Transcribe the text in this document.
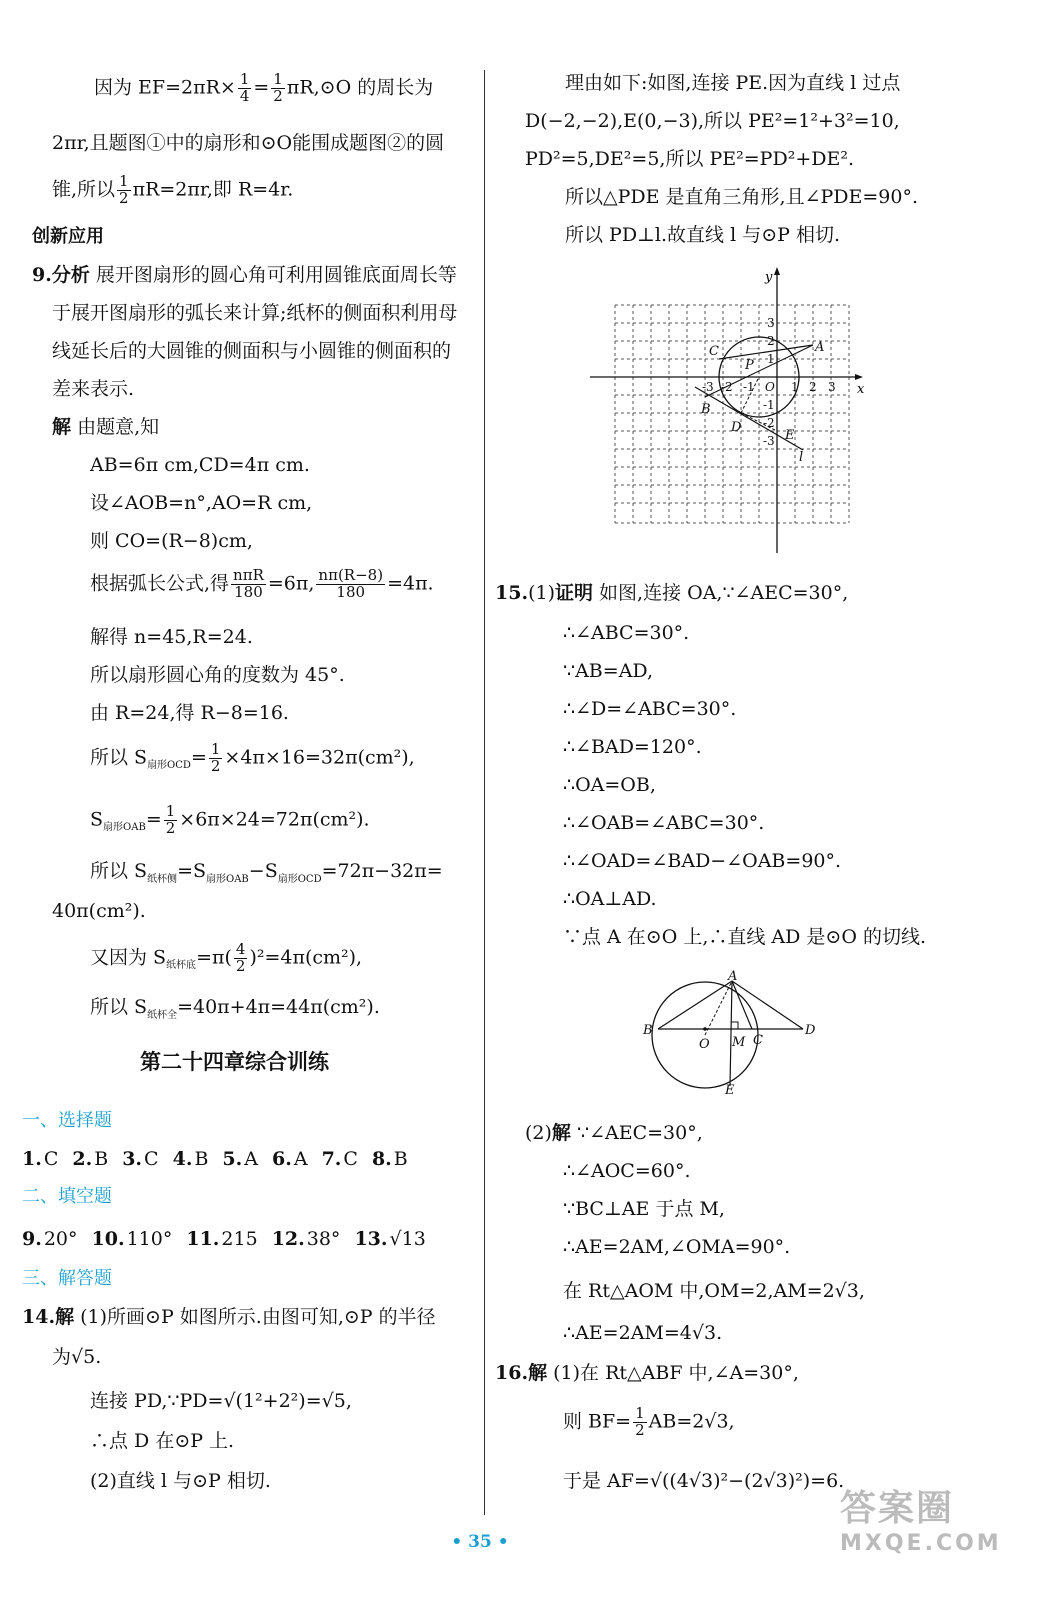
因为 $EF=2\pi R\times \frac{1}{4} = \frac{1}{2}$ πR,⊙O 的周长为
2πr,且题图①中的扇形和⊙O能围成题图②的圆
锥,所以 $\frac{1}{2} \pi R=2\pi r$,即 R=4r.
创新应用
9.分析 展开图扇形的圆心角可利用圆锥底面周长等
于展开图扇形的弧长来计算;纸杯的侧面积利用母
线延长后的大圆锥的侧面积与小圆锥的侧面积的
差来表示.
解 由题意,知
AB=6π cm,CD=4π cm.
设∠AOB=n°,AO=R cm,
则 CO=(R−8)cm,
根据弧长公式,得 $\frac{\text{nπR}}{180} =6\pi$, $\frac{n\pi(R-8)}{180} =4\pi$.
解得 n=45,R=24.
所以扇形圆心角的度数为 45°.
由 R=24,得 R−8=16.
所以 $S_{扇形OCD}= \frac{1}{2} \times 4\pi\times 16=32\pi(cm^2)$,
$S_{扇形OAB}= \frac{1}{2} \times 6\pi\times 24=72\pi(cm^2)$.
所以 $S_{纸杯侧}=S_{扇形OAB}-S_{扇形OCD}=72\pi-32\pi=$
40π(cm²).
又因为 $S_{纸杯底}=\pi( \frac{4}{2} )^2=4\pi(cm^2)$,
所以 $S_{纸杯全}=40\pi+4\pi=44\pi(cm^2)$.
第二十四章综合训练
一、选择题
1. C 2. B 3. C 4. B 5. A 6. A 7. C 8. B
二、填空题
9. 20° 10. 110° 11. 215 12. 38° 13. √13
三、解答题
14.解 (1)所画⊙P 如图所示.由图可知,⊙P 的半径
为√5.
连接 PD,∵PD=√(1²+2²)=√5,
∴点 D 在⊙P 上.
(2)直线 l 与⊙P 相切.
理由如下:如图,连接 PE.因为直线 l 过点
D(−2,−2),E(0,−3),所以 PE²=1²+3²=10,
PD²=5,DE²=5,所以 PE²=PD²+DE².
所以△PDE 是直角三角形,且∠PDE=90°.
所以 PD⊥l.故直线 l 与⊙P 相切.
x
y
-3 -2 -1 O 1 2 3
3
2
1
-1
-2
-3
A
B
C
D
E
P
l
15.(1)证明 如图,连接 OA,∵∠AEC=30°,
∴∠ABC=30°.
∵AB=AD,
∴∠D=∠ABC=30°.
∴∠BAD=120°.
∴OA=OB,
∴∠OAB=∠ABC=30°.
∴∠OAD=∠BAD−∠OAB=90°.
∴OA⊥AD.
∵点 A 在⊙O 上,∴直线 AD 是⊙O 的切线.
A
B
O M C
D
E
(2)解 ∵∠AEC=30°,
∴∠AOC=60°.
∵BC⊥AE 于点 M,
∴AE=2AM,∠OMA=90°.
在 Rt△AOM 中,OM=2,AM=2√3,
∴AE=2AM=4√3.
16.解 (1)在 Rt△ABF 中,∠A=30°,
则 $BF= \frac{1}{2} AB=2√3$,
于是 AF=√((4√3)²−(2√3)²)=6.
• 35 •
答案圈
MXQE.COM
